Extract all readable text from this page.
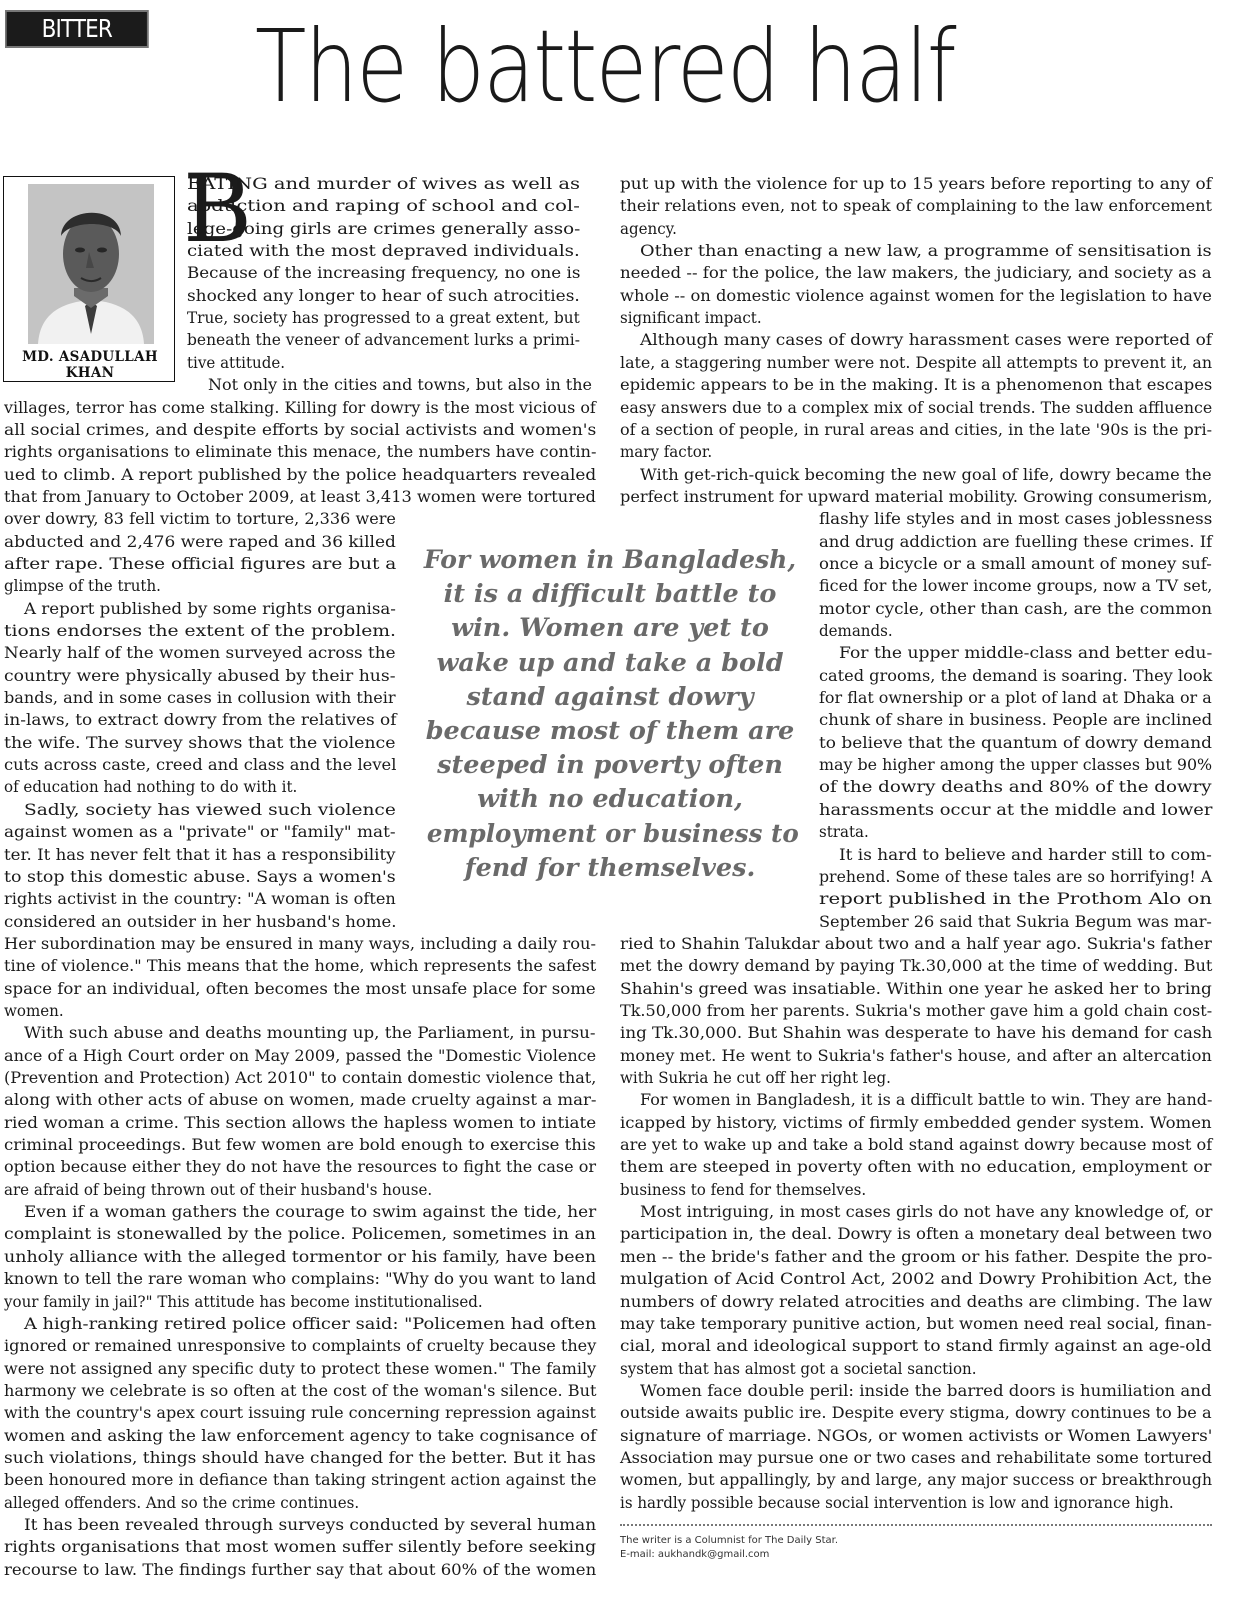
BITTER TRUTH	The battered half
MD. ASADULLAH KHAN
B
EATING and murder of wives as well as
abduction and raping of school and col-
lege-going girls are crimes generally asso-
ciated with the most depraved individuals.
Because of the increasing frequency, no one is
shocked any longer to hear of such atrocities.
True, society has progressed to a great extent, but
beneath the veneer of advancement lurks a primi-
tive attitude.
Not only in the cities and towns, but also in the
villages, terror has come stalking. Killing for dowry is the most vicious of
all social crimes, and despite efforts by social activists and women's
rights organisations to eliminate this menace, the numbers have contin-
ued to climb. A report published by the police headquarters revealed
that from January to October 2009, at least 3,413 women were tortured
over dowry, 83 fell victim to torture, 2,336 were
abducted and 2,476 were raped and 36 killed
after rape. These official figures are but a
glimpse of the truth.
A report published by some rights organisa-
tions endorses the extent of the problem.
Nearly half of the women surveyed across the
country were physically abused by their hus-
bands, and in some cases in collusion with their
in-laws, to extract dowry from the relatives of
the wife. The survey shows that the violence
cuts across caste, creed and class and the level
of education had nothing to do with it.
Sadly, society has viewed such violence
against women as a "private" or "family" mat-
ter. It has never felt that it has a responsibility
to stop this domestic abuse. Says a women's
rights activist in the country: "A woman is often
considered an outsider in her husband's home.
Her subordination may be ensured in many ways, including a daily rou-
tine of violence." This means that the home, which represents the safest
space for an individual, often becomes the most unsafe place for some
women.
With such abuse and deaths mounting up, the Parliament, in pursu-
ance of a High Court order on May 2009, passed the "Domestic Violence
(Prevention and Protection) Act 2010" to contain domestic violence that,
along with other acts of abuse on women, made cruelty against a mar-
ried woman a crime. This section allows the hapless women to intiate
criminal proceedings. But few women are bold enough to exercise this
option because either they do not have the resources to fight the case or
are afraid of being thrown out of their husband's house.
Even if a woman gathers the courage to swim against the tide, her
complaint is stonewalled by the police. Policemen, sometimes in an
unholy alliance with the alleged tormentor or his family, have been
known to tell the rare woman who complains: "Why do you want to land
your family in jail?" This attitude has become institutionalised.
A high-ranking retired police officer said: "Policemen had often
ignored or remained unresponsive to complaints of cruelty because they
were not assigned any specific duty to protect these women." The family
harmony we celebrate is so often at the cost of the woman's silence. But
with the country's apex court issuing rule concerning repression against
women and asking the law enforcement agency to take cognisance of
such violations, things should have changed for the better. But it has
been honoured more in defiance than taking stringent action against the
alleged offenders. And so the crime continues.
It has been revealed through surveys conducted by several human
rights organisations that most women suffer silently before seeking
recourse to law. The findings further say that about 60% of the women
put up with the violence for up to 15 years before reporting to any of
their relations even, not to speak of complaining to the law enforcement
agency.
Other than enacting a new law, a programme of sensitisation is
needed -- for the police, the law makers, the judiciary, and society as a
whole -- on domestic violence against women for the legislation to have
significant impact.
Although many cases of dowry harassment cases were reported of
late, a staggering number were not. Despite all attempts to prevent it, an
epidemic appears to be in the making. It is a phenomenon that escapes
easy answers due to a complex mix of social trends. The sudden affluence
of a section of people, in rural areas and cities, in the late '90s is the pri-
mary factor.
With get-rich-quick becoming the new goal of life, dowry became the
perfect instrument for upward material mobility. Growing consumerism,
flashy life styles and in most cases joblessness
and drug addiction are fuelling these crimes. If
once a bicycle or a small amount of money suf-
ficed for the lower income groups, now a TV set,
motor cycle, other than cash, are the common
demands.
For the upper middle-class and better edu-
cated grooms, the demand is soaring. They look
for flat ownership or a plot of land at Dhaka or a
chunk of share in business. People are inclined
to believe that the quantum of dowry demand
may be higher among the upper classes but 90%
of the dowry deaths and 80% of the dowry
harassments occur at the middle and lower
strata.
It is hard to believe and harder still to com-
prehend. Some of these tales are so horrifying! A
report published in the Prothom Alo on
September 26 said that Sukria Begum was mar-
ried to Shahin Talukdar about two and a half year ago. Sukria's father
met the dowry demand by paying Tk.30,000 at the time of wedding. But
Shahin's greed was insatiable. Within one year he asked her to bring
Tk.50,000 from her parents. Sukria's mother gave him a gold chain cost-
ing Tk.30,000. But Shahin was desperate to have his demand for cash
money met. He went to Sukria's father's house, and after an altercation
with Sukria he cut off her right leg.
For women in Bangladesh, it is a difficult battle to win. They are hand-
icapped by history, victims of firmly embedded gender system. Women
are yet to wake up and take a bold stand against dowry because most of
them are steeped in poverty often with no education, employment or
business to fend for themselves.
Most intriguing, in most cases girls do not have any knowledge of, or
participation in, the deal. Dowry is often a monetary deal between two
men -- the bride's father and the groom or his father. Despite the pro-
mulgation of Acid Control Act, 2002 and Dowry Prohibition Act, the
numbers of dowry related atrocities and deaths are climbing. The law
may take temporary punitive action, but women need real social, finan-
cial, moral and ideological support to stand firmly against an age-old
system that has almost got a societal sanction.
Women face double peril: inside the barred doors is humiliation and
outside awaits public ire. Despite every stigma, dowry continues to be a
signature of marriage. NGOs, or women activists or Women Lawyers'
Association may pursue one or two cases and rehabilitate some tortured
women, but appallingly, by and large, any major success or breakthrough
is hardly possible because social intervention is low and ignorance high.
For women in Bangladesh,
it is a difficult battle to
win. Women are yet to
wake up and take a bold
stand against dowry
because most of them are
steeped in poverty often
with no education,
employment or business to
fend for themselves.
The writer is a Columnist for The Daily Star.
E-mail: aukhandk@gmail.com
